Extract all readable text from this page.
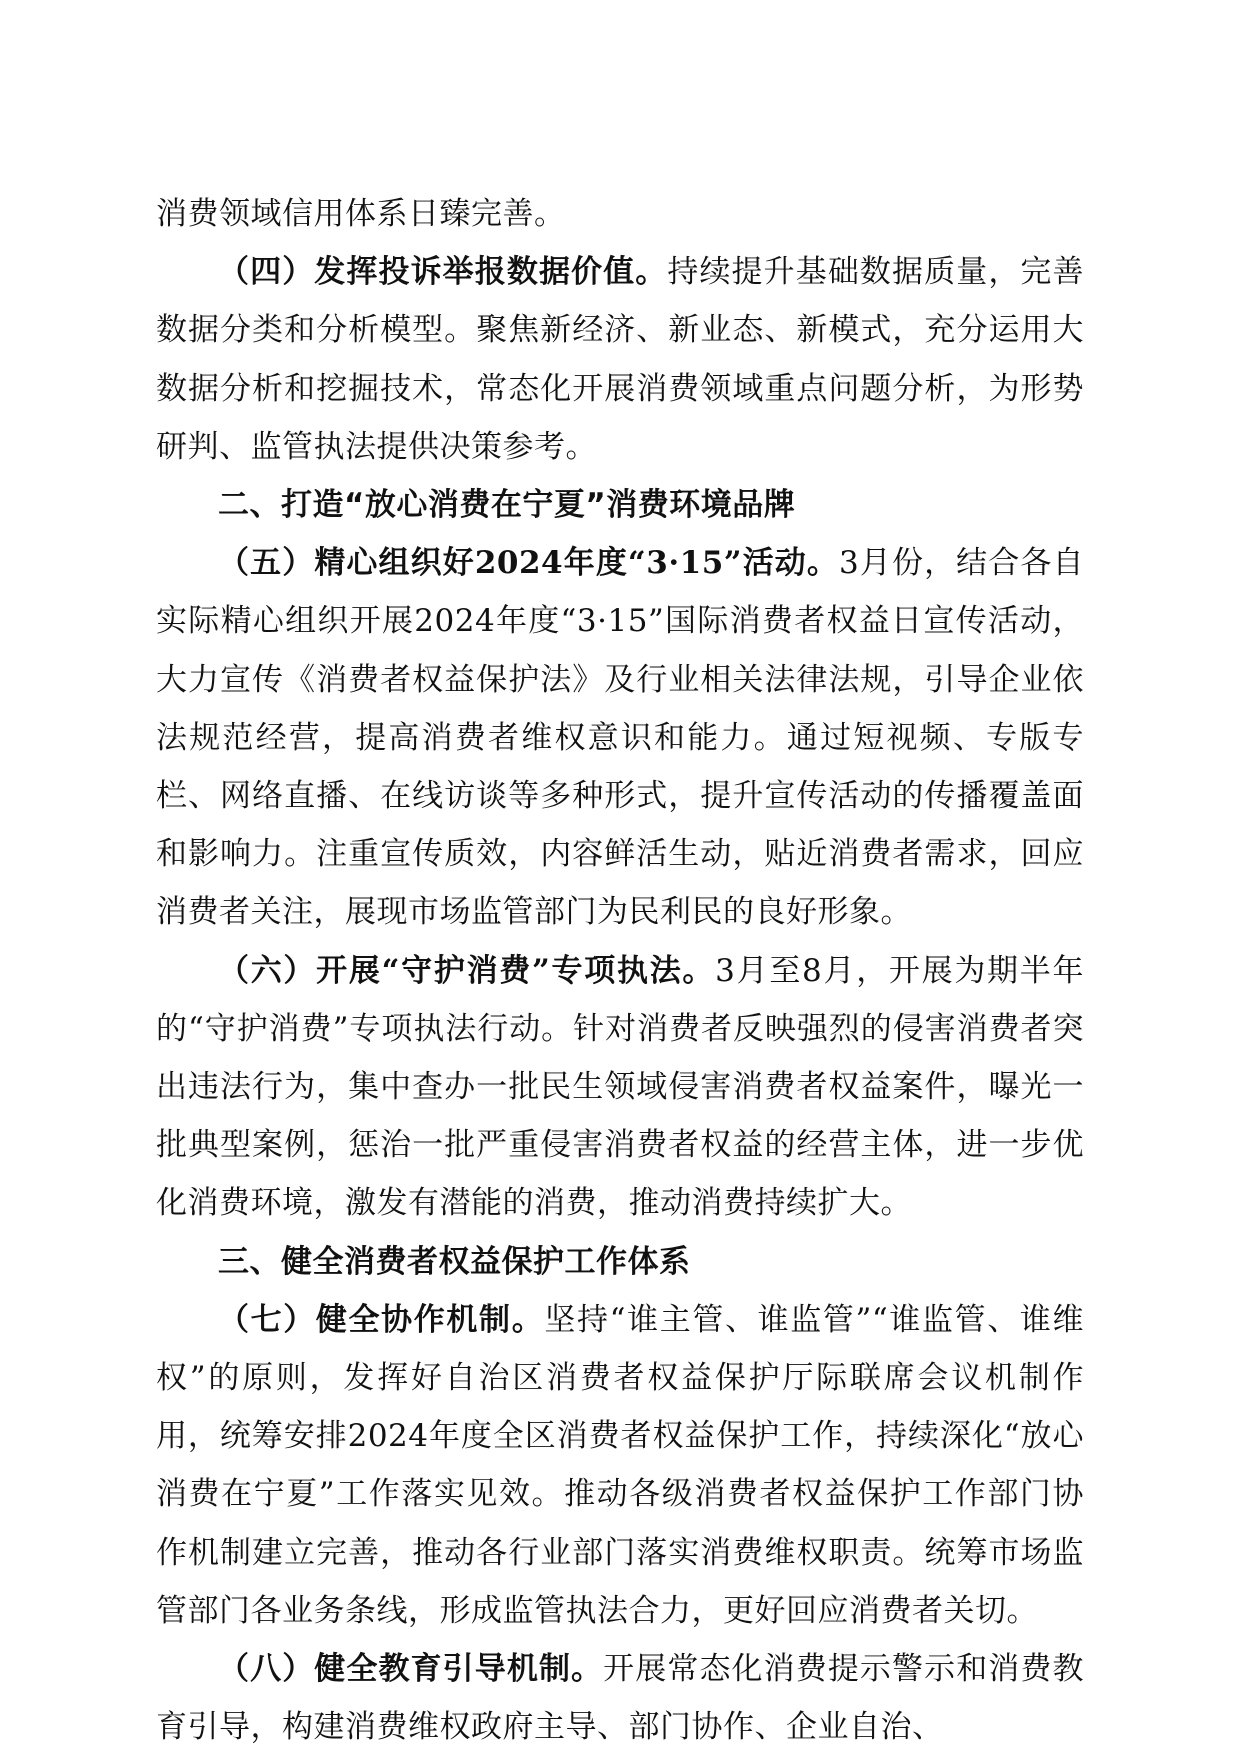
消费领域信用体系日臻完善。

（四）发挥投诉举报数据价值。持续提升基础数据质量，完善数据分类和分析模型。聚焦新经济、新业态、新模式，充分运用大数据分析和挖掘技术，常态化开展消费领域重点问题分析，为形势研判、监管执法提供决策参考。

二、打造“放心消费在宁夏”消费环境品牌

（五）精心组织好2024年度“3·15”活动。3月份，结合各自实际精心组织开展2024年度“3·15”国际消费者权益日宣传活动，大力宣传《消费者权益保护法》及行业相关法律法规，引导企业依法规范经营，提高消费者维权意识和能力。通过短视频、专版专栏、网络直播、在线访谈等多种形式，提升宣传活动的传播覆盖面和影响力。注重宣传质效，内容鲜活生动，贴近消费者需求，回应消费者关注，展现市场监管部门为民利民的良好形象。

（六）开展“守护消费”专项执法。3月至8月，开展为期半年的“守护消费”专项执法行动。针对消费者反映强烈的侵害消费者突出违法行为，集中查办一批民生领域侵害消费者权益案件，曝光一批典型案例，惩治一批严重侵害消费者权益的经营主体，进一步优化消费环境，激发有潜能的消费，推动消费持续扩大。

三、健全消费者权益保护工作体系

（七）健全协作机制。坚持“谁主管、谁监管”“谁监管、谁维权”的原则，发挥好自治区消费者权益保护厅际联席会议机制作用，统筹安排2024年度全区消费者权益保护工作，持续深化“放心消费在宁夏”工作落实见效。推动各级消费者权益保护工作部门协作机制建立完善，推动各行业部门落实消费维权职责。统筹市场监管部门各业务条线，形成监管执法合力，更好回应消费者关切。

（八）健全教育引导机制。开展常态化消费提示警示和消费教育引导，构建消费维权政府主导、部门协作、企业自治、
